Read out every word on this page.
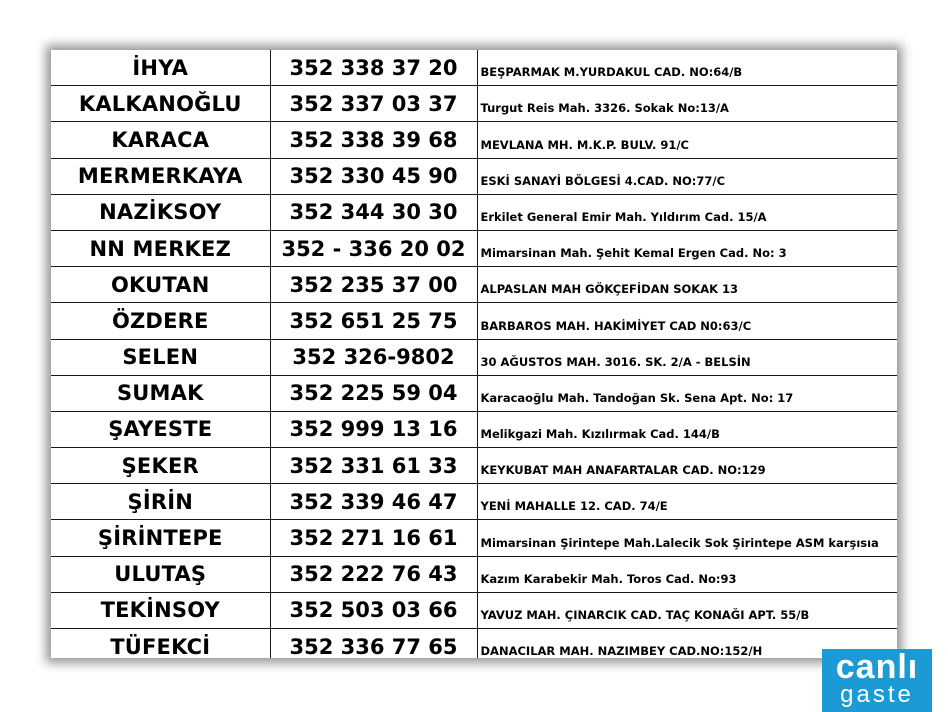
İHYA	352 338 37 20	BEŞPARMAK M.YURDAKUL CAD. NO:64/B
KALKANOĞLU	352 337 03 37	Turgut Reis Mah. 3326. Sokak No:13/A
KARACA	352 338 39 68	MEVLANA MH. M.K.P. BULV. 91/C
MERMERKAYA	352 330 45 90	ESKİ SANAYİ BÖLGESİ 4.CAD. NO:77/C
NAZİKSOY	352 344 30 30	Erkilet General Emir Mah. Yıldırım Cad. 15/A
NN MERKEZ	352 - 336 20 02	Mimarsinan Mah. Şehit Kemal Ergen Cad. No: 3
OKUTAN	352 235 37 00	ALPASLAN MAH GÖKÇEFİDAN SOKAK 13
ÖZDERE	352 651 25 75	BARBAROS MAH. HAKİMİYET CAD N0:63/C
SELEN	352 326-9802	30 AĞUSTOS MAH. 3016. SK. 2/A - BELSİN
SUMAK	352 225 59 04	Karacaoğlu Mah. Tandoğan Sk. Sena Apt. No: 17
ŞAYESTE	352 999 13 16	Melikgazi Mah. Kızılırmak Cad. 144/B
ŞEKER	352 331 61 33	KEYKUBAT MAH ANAFARTALAR CAD. NO:129
ŞİRİN	352 339 46 47	YENİ MAHALLE 12. CAD. 74/E
ŞİRİNTEPE	352 271 16 61	Mimarsinan Şirintepe Mah.Lalecik Sok Şirintepe ASM karşısıa
ULUTAŞ	352 222 76 43	Kazım Karabekir Mah. Toros Cad. No:93
TEKİNSOY	352 503 03 66	YAVUZ MAH. ÇINARCIK CAD. TAÇ KONAĞI APT. 55/B
TÜFEKCİ	352 336 77 65	DANACILAR MAH. NAZIMBEY CAD.NO:152/H	canlı
gaste
